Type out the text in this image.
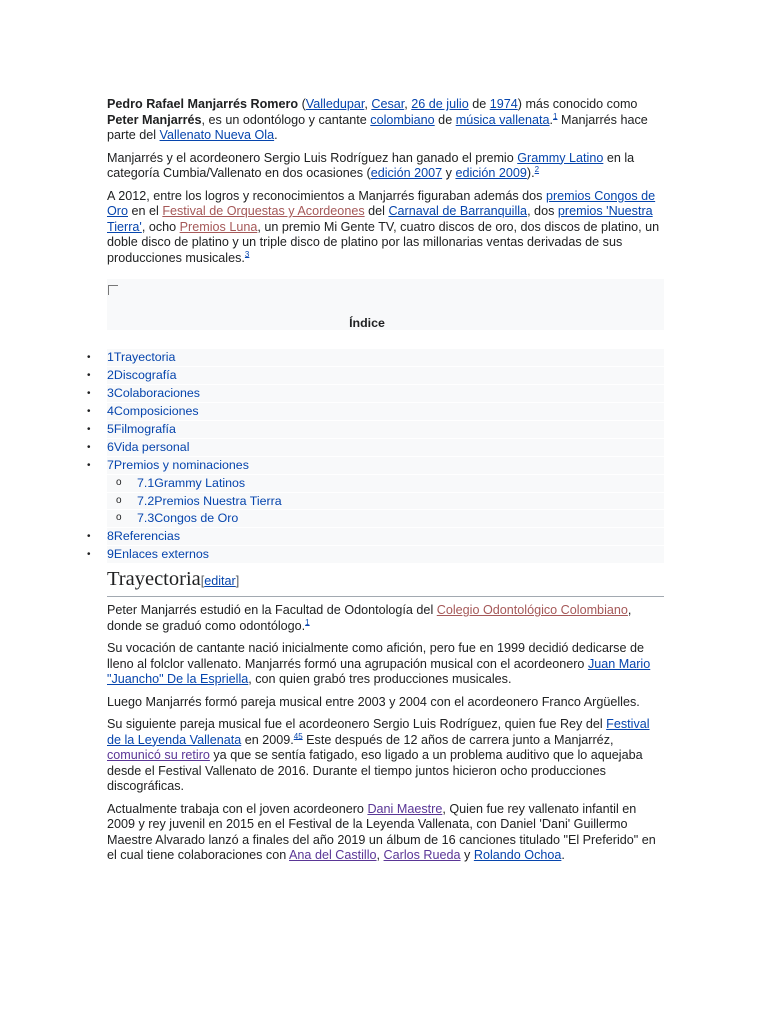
Pedro Rafael Manjarrés Romero (Valledupar, Cesar, 26 de julio de 1974) más conocido como Peter Manjarrés, es un odontólogo y cantante colombiano de música vallenata.$^1$ Manjarrés hace parte del Vallenato Nueva Ola.

Manjarrés y el acordeonero Sergio Luis Rodríguez han ganado el premio Grammy Latino en la categoría Cumbia/Vallenato en dos ocasiones (edición 2007 y edición 2009).$^2$

A 2012, entre los logros y reconocimientos a Manjarrés figuraban además dos premios Congos de Oro en el Festival de Orquestas y Acordeones del Carnaval de Barranquilla, dos premios 'Nuestra Tierra', ocho Premios Luna, un premio Mi Gente TV, cuatro discos de oro, dos discos de platino, un doble disco de platino y un triple disco de platino por las millonarias ventas derivadas de sus producciones musicales.$^3$

Índice
• 1Trayectoria
• 2Discografía
• 3Colaboraciones
• 4Composiciones
• 5Filmografía
• 6Vida personal
• 7Premios y nominaciones
o 7.1Grammy Latinos
o 7.2Premios Nuestra Tierra
o 7.3Congos de Oro
• 8Referencias
• 9Enlaces externos
Trayectoria[editar]

Peter Manjarrés estudió en la Facultad de Odontología del Colegio Odontológico Colombiano, donde se graduó como odontólogo.$^1$

Su vocación de cantante nació inicialmente como afición, pero fue en 1999 decidió dedicarse de lleno al folclor vallenato. Manjarrés formó una agrupación musical con el acordeonero Juan Mario "Juancho" De la Espriella, con quien grabó tres producciones musicales.

Luego Manjarrés formó pareja musical entre 2003 y 2004 con el acordeonero Franco Argüelles.

Su siguiente pareja musical fue el acordeonero Sergio Luis Rodríguez, quien fue Rey del Festival de la Leyenda Vallenata en 2009.45 Este después de 12 años de carrera junto a Manjarréz, comunicó su retiro ya que se sentía fatigado, eso ligado a un problema auditivo que lo aquejaba desde el Festival Vallenato de 2016. Durante el tiempo juntos hicieron ocho producciones discográficas.

Actualmente trabaja con el joven acordeonero Dani Maestre, Quien fue rey vallenato infantil en 2009 y rey juvenil en 2015 en el Festival de la Leyenda Vallenata, con Daniel 'Dani' Guillermo Maestre Alvarado lanzó a finales del año 2019 un álbum de 16 canciones titulado "El Preferido" en el cual tiene colaboraciones con Ana del Castillo, Carlos Rueda y Rolando Ochoa.
